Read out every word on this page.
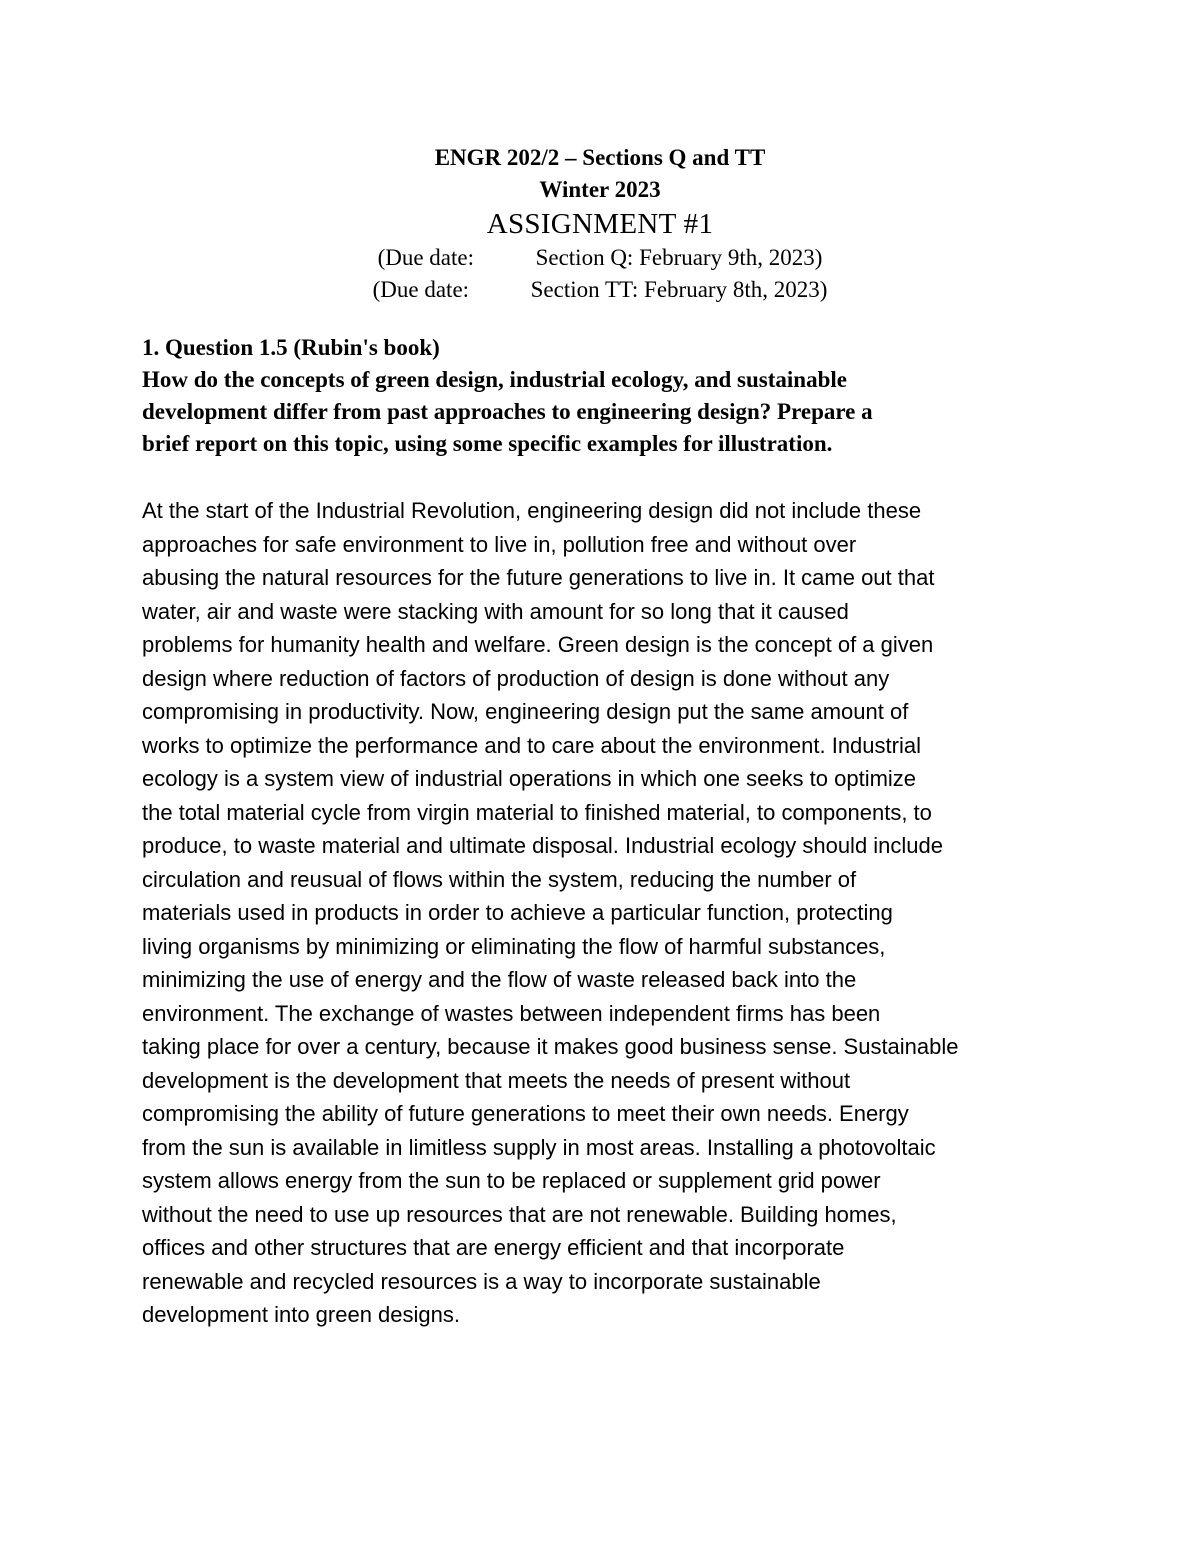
ENGR 202/2 – Sections Q and TT
Winter 2023
ASSIGNMENT #1
(Due date:	Section Q: February 9th, 2023)
(Due date:	Section TT: February 8th, 2023)
1. Question 1.5 (Rubin's book)
How do the concepts of green design, industrial ecology, and sustainable
development differ from past approaches to engineering design? Prepare a
brief report on this topic, using some specific examples for illustration.
At the start of the Industrial Revolution, engineering design did not include these
approaches for safe environment to live in, pollution free and without over
abusing the natural resources for the future generations to live in. It came out that
water, air and waste were stacking with amount for so long that it caused
problems for humanity health and welfare. Green design is the concept of a given
design where reduction of factors of production of design is done without any
compromising in productivity. Now, engineering design put the same amount of
works to optimize the performance and to care about the environment. Industrial
ecology is a system view of industrial operations in which one seeks to optimize
the total material cycle from virgin material to finished material, to components, to
produce, to waste material and ultimate disposal. Industrial ecology should include
circulation and reusual of flows within the system, reducing the number of
materials used in products in order to achieve a particular function, protecting
living organisms by minimizing or eliminating the flow of harmful substances,
minimizing the use of energy and the flow of waste released back into the
environment. The exchange of wastes between independent firms has been
taking place for over a century, because it makes good business sense. Sustainable
development is the development that meets the needs of present without
compromising the ability of future generations to meet their own needs. Energy
from the sun is available in limitless supply in most areas. Installing a photovoltaic
system allows energy from the sun to be replaced or supplement grid power
without the need to use up resources that are not renewable. Building homes,
offices and other structures that are energy efficient and that incorporate
renewable and recycled resources is a way to incorporate sustainable
development into green designs.
